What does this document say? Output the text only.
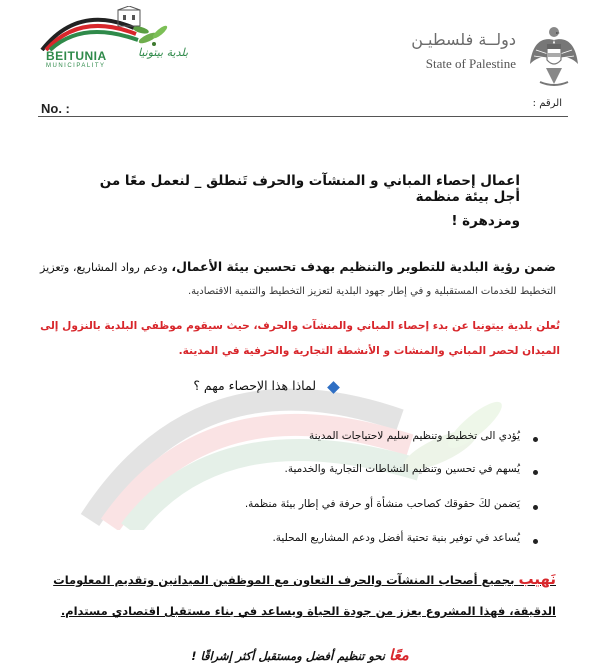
BEITUNIA
MUNICIPALITY
بلدية بيتونيا
دولــة فلسطيـن
State of Palestine
No. :	الرقم :
اعمال إحصاء المباني و المنشآت والحرف تَنطلق _ لنعمل معًا من أجل بيئة منظمة
ومزدهرة !
ضمن رؤية البلدية للتطوير والتنظيم بهدف تحسين بيئة الأعمال، ودعم رواد المشاريع، وتعزيز
التخطيط للخدمات المستقبلية و في إطار جهود البلدية لتعزيز التخطيط والتنمية الاقتصادية.
تُعلن بلدية بيتونيا عن بدء إحصاء المباني والمنشآت والحرف، حيث سيقوم موظفي البلدية بالنزول إلى
الميدان لحصر المباني والمنشات و الأنشطة التجارية والحرفية في المدينة.
لماذا هذا الإحصاء مهم ؟
يُؤدي الى تخطيط وتنظيم سليم لاحتياجات المدينة
يُسهم في تحسين وتنظيم النشاطات التجارية والخدمية.
يَضمن لكَ حقوقك كصاحب منشأة أو حرفة في إطار بيئة منظمة.
يُساعد في توفير بنية تحتية أفضل ودعم المشاريع المحلية.
نَهيب بجميع أصحاب المنشآت والحرف التعاون مع الموظفين الميدانين وتقديم المعلومات
الدقيقة، فهذا المشروع يعزز من جودة الحياة ويساعد في بناء مستقبل اقتصادي مستدام.
معًا نحو تنظيم أفضل ومستقبل أكثر إشراقًا !
